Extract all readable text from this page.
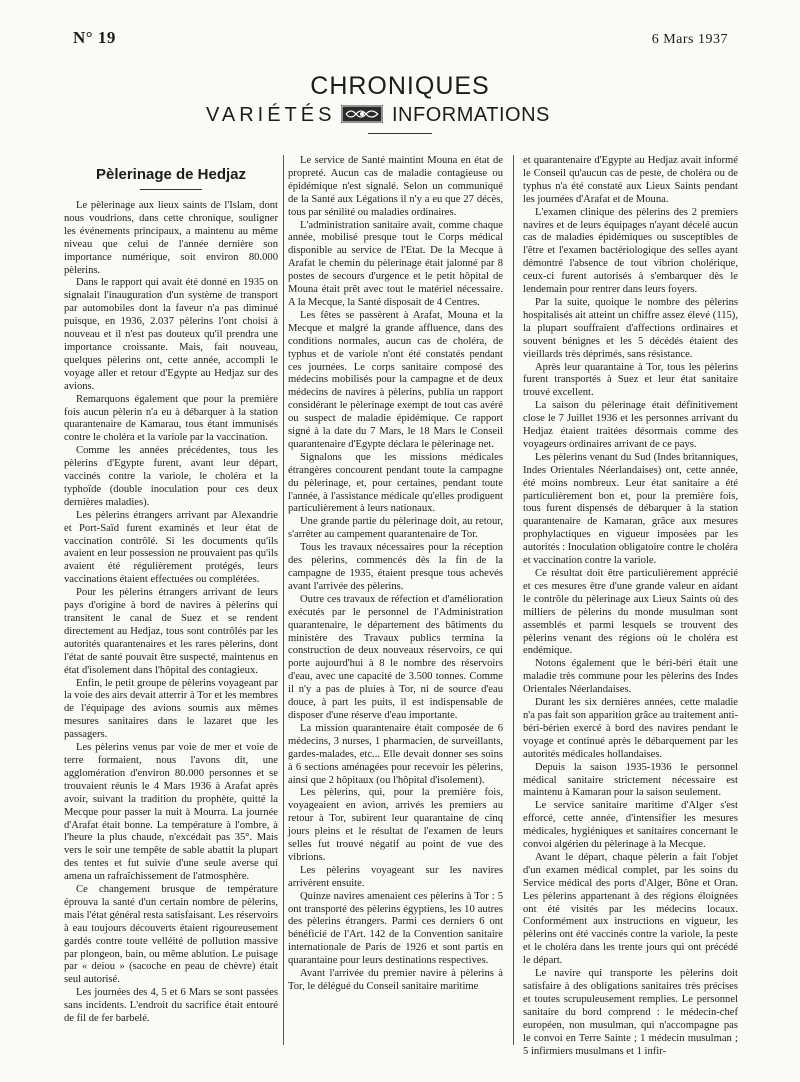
N° 19	6 Mars 1937
CHRONIQUES
VARIÉTÉS	INFORMATIONS
Pèlerinage de Hedjaz

Le pèlerinage aux lieux saints de l'Islam, dont nous voudrions, dans cette chronique, souligner les événements principaux, a maintenu au même niveau que celui de l'année dernière son importance numérique, soit environ 80.000 pèlerins.

Dans le rapport qui avait été donné en 1935 on signalait l'inauguration d'un système de transport par automobiles dont la faveur n'a pas diminué puisque, en 1936, 2.037 pèlerins l'ont choisi à nouveau et il n'est pas douteux qu'il prendra une importance croissante. Mais, fait nouveau, quelques pèlerins ont, cette année, accompli le voyage aller et retour d'Egypte au Hedjaz sur des avions.

Remarquons également que pour la première fois aucun pèlerin n'a eu à débarquer à la station quarantenaire de Kamarau, tous étant immunisés contre le choléra et la variole par la vaccination.

Comme les années précédentes, tous les pèlerins d'Egypte furent, avant leur départ, vaccinés contre la variole, le choléra et la typhoïde (double inoculation pour ces deux dernières maladies).

Les pèlerins étrangers arrivant par Alexandrie et Port-Saïd furent examinés et leur état de vaccination contrôlé. Si les documents qu'ils avaient en leur possession ne prouvaient pas qu'ils avaient été régulièrement protégés, leurs vaccinations étaient effectuées ou complétées.

Pour les pèlerins étrangers arrivant de leurs pays d'origine à bord de navires à pèlerins qui transitent le canal de Suez et se rendent directement au Hedjaz, tous sont contrôlés par les autorités quarantenaires et les rares pèlerins, dont l'état de santé pouvait être suspecté, maintenus en état d'isolement dans l'hôpital des contagieux.

Enfin, le petit groupe de pèlerins voyageant par la voie des airs devait atterrir à Tor et les membres de l'équipage des avions soumis aux mêmes mesures sanitaires dans le lazaret que les passagers.

Les pèlerins venus par voie de mer et voie de terre formaient, nous l'avons dit, une agglomération d'environ 80.000 personnes et se trouvaient réunis le 4 Mars 1936 à Arafat après avoir, suivant la tradition du prophète, quitté la Mecque pour passer la nuit à Mourra. La journée d'Arafat était bonne. La température à l'ombre, à l'heure la plus chaude, n'excédait pas 35°. Mais vers le soir une tempête de sable abattit la plupart des tentes et fut suivie d'une seule averse qui amena un rafraîchissement de l'atmosphère.

Ce changement brusque de température éprouva la santé d'un certain nombre de pèlerins, mais l'état général resta satisfaisant. Les réservoirs à eau toujours découverts étaient rigoureusement gardés contre toute velléité de pollution massive par plongeon, bain, ou même ablution. Le puisage par « deiou » (sacoche en peau de chèvre) était seul autorisé.

Les journées des 4, 5 et 6 Mars se sont passées sans incidents. L'endroit du sacrifice était entouré de fil de fer barbelé.

Le service de Santé maintint Mouna en état de propreté. Aucun cas de maladie contagieuse ou épidémique n'est signalé. Selon un communiqué de la Santé aux Légations il n'y a eu que 27 décès, tous par sénilité ou maladies ordinaires.

L'administration sanitaire avait, comme chaque année, mobilisé presque tout le Corps médical disponible au service de l'Etat. De la Mecque à Arafat le chemin du pèlerinage était jalonné par 8 postes de secours d'urgence et le petit hôpital de Mouna était prêt avec tout le matériel nécessaire. A la Mecque, la Santé disposait de 4 Centres.

Les fêtes se passèrent à Arafat, Mouna et la Mecque et malgré la grande affluence, dans des conditions normales, aucun cas de choléra, de typhus et de variole n'ont été constatés pendant ces journées. Le corps sanitaire composé des médecins mobilisés pour la campagne et de deux médecins de navires à pèlerins, publia un rapport considérant le pèlerinage exempt de tout cas avéré ou suspect de maladie épidémique. Ce rapport signé à la date du 7 Mars, le 18 Mars le Conseil quarantenaire d'Egypte déclara le pèlerinage net.

Signalons que les missions médicales étrangères concourent pendant toute la campagne du pèlerinage, et, pour certaines, pendant toute l'année, à l'assistance médicale qu'elles prodiguent particulièrement à leurs nationaux.

Une grande partie du pèlerinage doit, au retour, s'arrêter au campement quarantenaire de Tor.

Tous les travaux nécessaires pour la réception des pèlerins, commencés dès la fin de la campagne de 1935, étaient presque tous achevés avant l'arrivée des pèlerins.

Outre ces travaux de réfection et d'amélioration exécutés par le personnel de l'Administration quarantenaire, le département des bâtiments du ministère des Travaux publics termina la construction de deux nouveaux réservoirs, ce qui porte aujourd'hui à 8 le nombre des réservoirs d'eau, avec une capacité de 3.500 tonnes. Comme il n'y a pas de pluies à Tor, ni de source d'eau douce, à part les puits, il est indispensable de disposer d'une réserve d'eau importante.

La mission quarantenaire était composée de 6 médecins, 3 nurses, 1 pharmacien, de surveillants, gardes-malades, etc... Elle devait donner ses soins à 6 sections aménagées pour recevoir les pèlerins, ainsi que 2 hôpitaux (ou l'hôpital d'isolement).

Les pèlerins, qui, pour la première fois, voyageaient en avion, arrivés les premiers au retour à Tor, subirent leur quarantaine de cinq jours pleins et le résultat de l'examen de leurs selles fut trouvé négatif au point de vue des vibrions.

Les pèlerins voyageant sur les navires arrivèrent ensuite.

Quinze navires amenaient ces pèlerins à Tor : 5 ont transporté des pèlerins égyptiens, les 10 autres des pèlerins étrangers. Parmi ces derniers 6 ont bénéficié de l'Art. 142 de la Convention sanitaire internationale de Paris de 1926 et sont partis en quarantaine pour leurs destinations respectives.

Avant l'arrivée du premier navire à pèlerins à Tor, le délégué du Conseil sanitaire maritime

et quarantenaire d'Egypte au Hedjaz avait informé le Conseil qu'aucun cas de peste, de choléra ou de typhus n'a été constaté aux Lieux Saints pendant les journées d'Arafat et de Mouna.

L'examen clinique des pèlerins des 2 premiers navires et de leurs équipages n'ayant décelé aucun cas de maladies épidémiques ou susceptibles de l'être et l'examen bactériologique des selles ayant démontré l'absence de tout vibrion cholérique, ceux-ci furent autorisés à s'embarquer dès le lendemain pour rentrer dans leurs foyers.

Par la suite, quoique le nombre des pèlerins hospitalisés ait atteint un chiffre assez élevé (115), la plupart souffraient d'affections ordinaires et souvent bénignes et les 5 décédés étaient des vieillards très déprimés, sans résistance.

Après leur quarantaine à Tor, tous les pèlerins furent transportés à Suez et leur état sanitaire trouvé excellent.

La saison du pèlerinage était définitivement close le 7 Juillet 1936 et les personnes arrivant du Hedjaz étaient traitées désormais comme des voyageurs ordinaires arrivant de ce pays.

Les pèlerins venant du Sud (Indes britanniques, Indes Orientales Néerlandaises) ont, cette année, été moins nombreux. Leur état sanitaire a été particulièrement bon et, pour la première fois, tous furent dispensés de débarquer à la station quarantenaire de Kamaran, grâce aux mesures prophylactiques en vigueur imposées par les autorités : Inoculation obligatoire contre le choléra et vaccination contre la variole.

Ce résultat doit être particulièrement apprécié et ces mesures être d'une grande valeur en aidant le contrôle du pèlerinage aux Lieux Saints où des milliers de pèlerins du monde musulman sont assemblés et parmi lesquels se trouvent des pèlerins venant des régions où le choléra est endémique.

Notons également que le béri-béri était une maladie très commune pour les pèlerins des Indes Orientales Néerlandaises.

Durant les six dernières années, cette maladie n'a pas fait son apparition grâce au traitement anti-béri-bérien exercé à bord des navires pendant le voyage et continué après le débarquement par les autorités médicales hollandaises.

Depuis la saison 1935-1936 le personnel médical sanitaire strictement nécessaire est maintenu à Kamaran pour la saison seulement.

Le service sanitaire maritime d'Alger s'est efforcé, cette année, d'intensifier les mesures médicales, hygiéniques et sanitaires concernant le convoi algérien du pèlerinage à la Mecque.

Avant le départ, chaque pèlerin a fait l'objet d'un examen médical complet, par les soins du Service médical des ports d'Alger, Bône et Oran. Les pèlerins appartenant à des régions éloignées ont été visités par les médecins locaux. Conformément aux instructions en vigueur, les pèlerins ont été vaccinés contre la variole, la peste et le choléra dans les trente jours qui ont précédé le départ.

Le navire qui transporte les pèlerins doit satisfaire à des obligations sanitaires très précises et toutes scrupuleusement remplies. Le personnel sanitaire du bord comprend : le médecin-chef européen, non musulman, qui n'accompagne pas le convoi en Terre Sainte ; 1 médecin musulman ; 5 infirmiers musulmans et 1 infir-
